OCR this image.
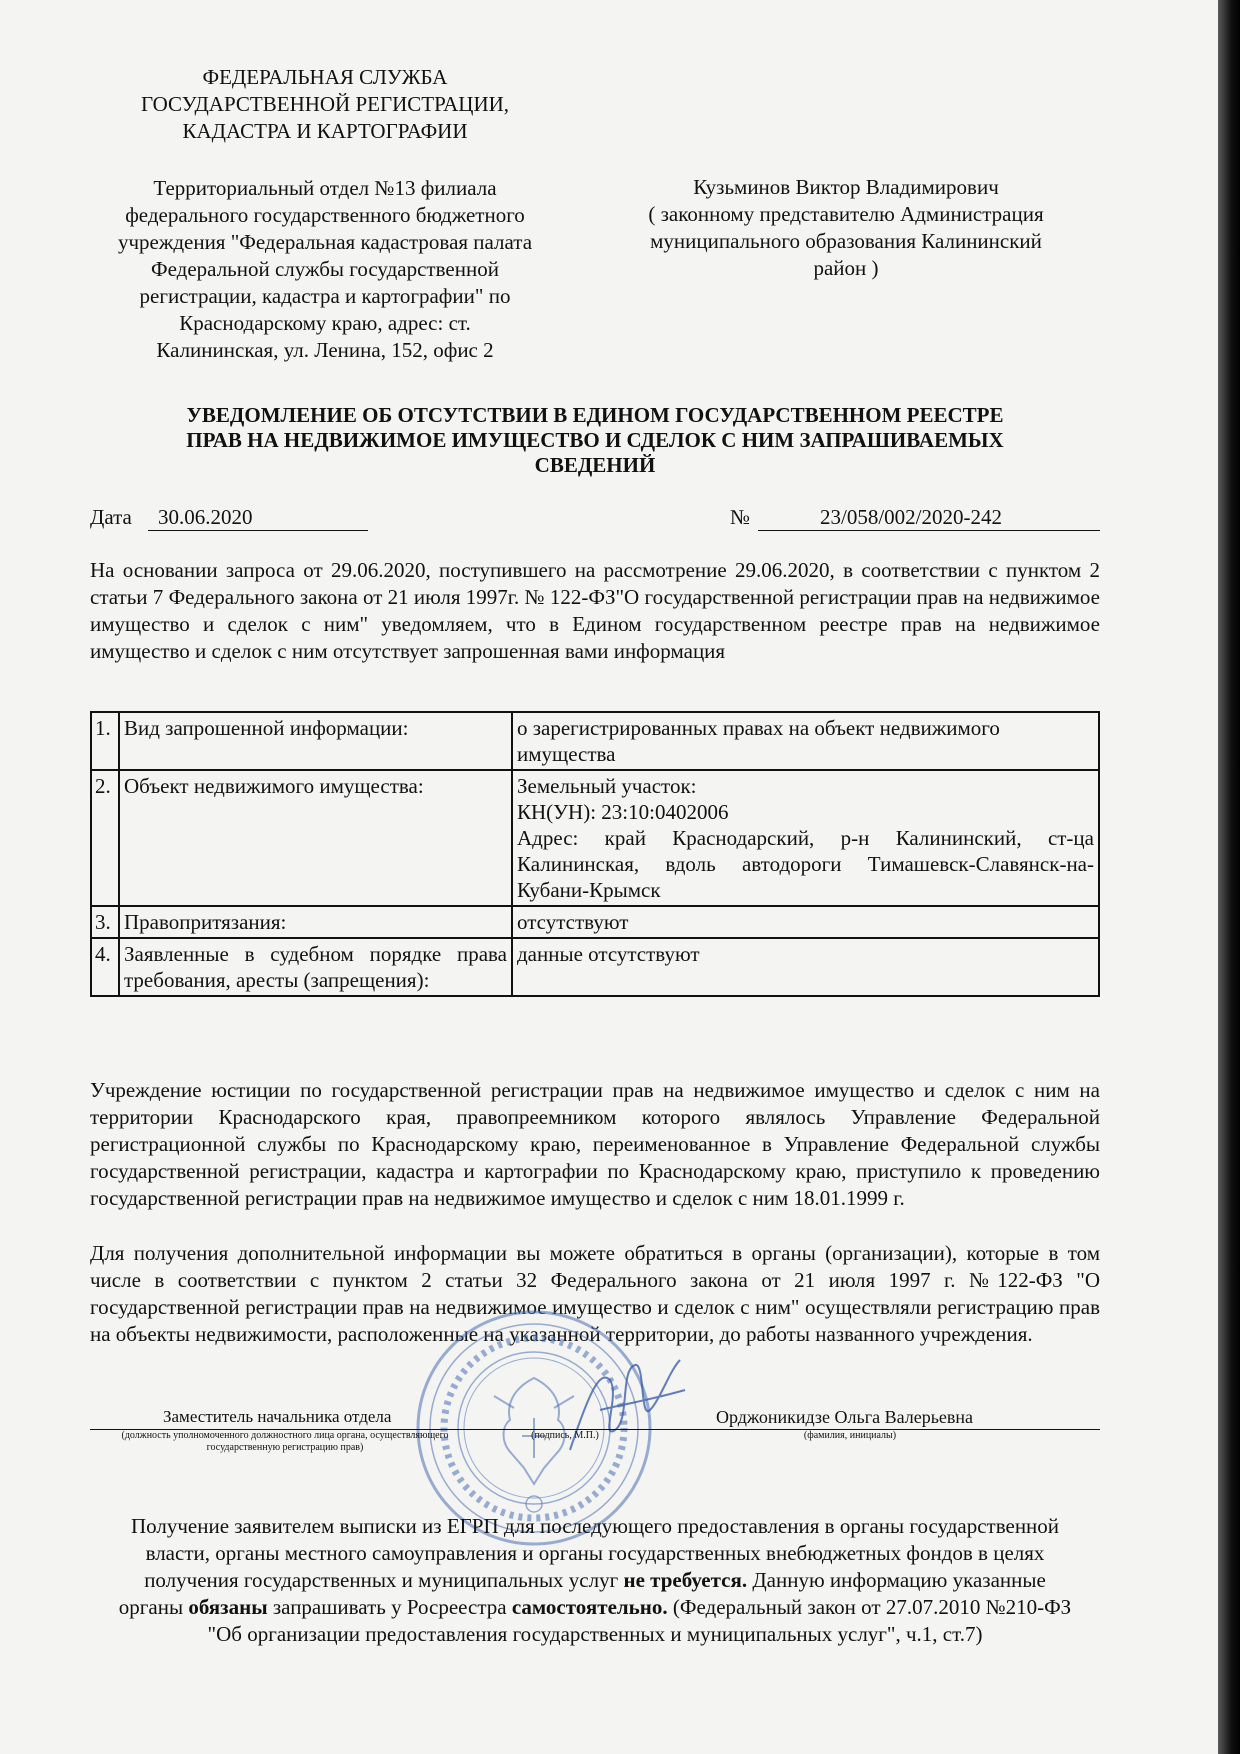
ФЕДЕРАЛЬНАЯ СЛУЖБА
ГОСУДАРСТВЕННОЙ РЕГИСТРАЦИИ,
КАДАСТРА И КАРТОГРАФИИ
Территориальный отдел №13 филиала
федерального государственного бюджетного
учреждения "Федеральная кадастровая палата
Федеральной службы государственной
регистрации, кадастра и картографии" по
Краснодарскому краю, адрес: ст.
Калининская, ул. Ленина, 152, офис 2
Кузьминов Виктор Владимирович
( законному представителю Администрация
муниципального образования Калининский
район )
УВЕДОМЛЕНИЕ ОБ ОТСУТСТВИИ В ЕДИНОМ ГОСУДАРСТВЕННОМ РЕЕСТРЕ
ПРАВ НА НЕДВИЖИМОЕ ИМУЩЕСТВО И СДЕЛОК С НИМ ЗАПРАШИВАЕМЫХ
СВЕДЕНИЙ
Дата	30.06.2020	№	23/058/002/2020-242
На основании запроса от 29.06.2020, поступившего на рассмотрение 29.06.2020, в соответствии с пунктом 2 статьи 7 Федерального закона от 21 июля 1997г. № 122-ФЗ"О государственной регистрации прав на недвижимое имущество и сделок с ним" уведомляем, что в Едином государственном реестре прав на недвижимое имущество и сделок с ним отсутствует запрошенная вами информация
1.	Вид запрошенной информации:	о зарегистрированных правах на объект недвижимого имущества

2.	Объект недвижимого имущества:	Земельный участок:
КН(УН): 23:10:0402006
Адрес: край Краснодарский, р-н Калининский, ст-ца Калининская, вдоль автодороги Тимашевск-Славянск-на-Кубани-Крымск

3.	Правопритязания:	отсутствуют

4.	Заявленные в судебном порядке права требования, аресты (запрещения):	данные отсутствуют
Учреждение юстиции по государственной регистрации прав на недвижимое имущество и сделок с ним на территории Краснодарского края, правопреемником которого являлось Управление Федеральной регистрационной службы по Краснодарскому краю, переименованное в Управление Федеральной службы государственной регистрации, кадастра и картографии по Краснодарскому краю, приступило к проведению государственной регистрации прав на недвижимое имущество и сделок с ним 18.01.1999 г.
Для получения дополнительной информации вы можете обратиться в органы (организации), которые в том числе в соответствии с пунктом 2 статьи 32 Федерального закона от 21 июля 1997 г. №122-ФЗ "О государственной регистрации прав на недвижимое имущество и сделок с ним" осуществляли регистрацию прав на объекты недвижимости, расположенные на указанной территории, до работы названного учреждения.
Заместитель начальника отдела	Орджоникидзе Ольга Валерьевна
(должность уполномоченного должностного лица органа, осуществляющего государственную регистрацию прав)
(подпись, М.П.)	(фамилия, инициалы)
Получение заявителем выписки из ЕГРП для последующего предоставления в органы государственной власти, органы местного самоуправления и органы государственных внебюджетных фондов в целях получения государственных и муниципальных услуг не требуется. Данную информацию указанные органы обязаны запрашивать у Росреестра самостоятельно. (Федеральный закон от 27.07.2010 №210-ФЗ "Об организации предоставления государственных и муниципальных услуг", ч.1, ст.7)
